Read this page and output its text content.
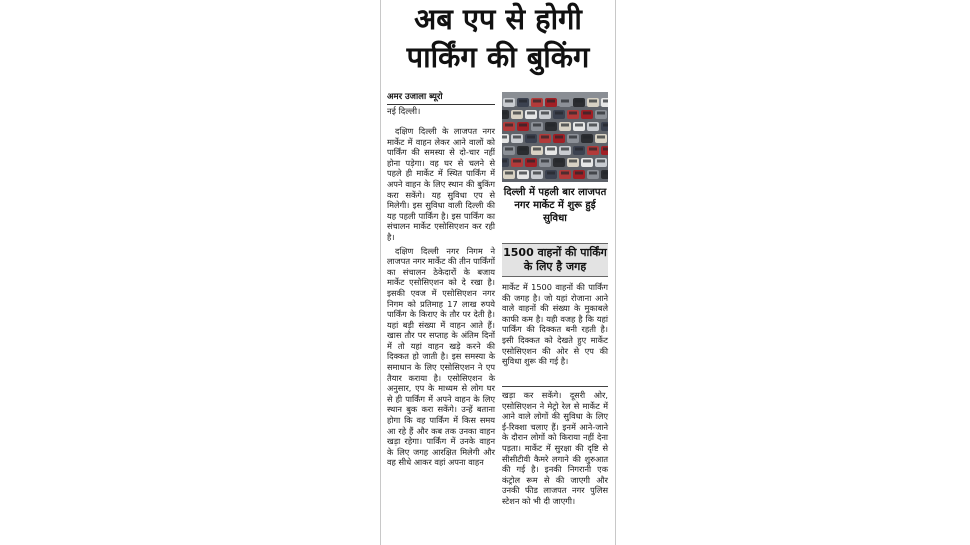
अब एप से होगी
पार्किंग की बुकिंग
अमर उजाला ब्यूरो
नई दिल्ली।

दक्षिण दिल्ली के लाजपत नगर मार्केट में वाहन लेकर आने वालों को पार्किंग की समस्या से दो-चार नहीं होना पड़ेगा। वह घर से चलने से पहले ही मार्केट में स्थित पार्किंग में अपने वाहन के लिए स्थान की बुकिंग करा सकेंगे। यह सुविधा एप से मिलेगी। इस सुविधा वाली दिल्ली की यह पहली पार्किंग है। इस पार्किंग का संचालन मार्केट एसोसिएशन कर रही है।

दक्षिण दिल्ली नगर निगम ने लाजपत नगर मार्केट की तीन पार्किंगों का संचालन ठेकेदारों के बजाय मार्केट एसोसिएशन को दे रखा है। इसकी एवज में एसोसिएशन नगर निगम को प्रतिमाह 17 लाख रुपये पार्किंग के किराए के तौर पर देती है। यहां बड़ी संख्या में वाहन आते हैं। खास तौर पर सप्ताह के अंतिम दिनों में तो यहां वाहन खड़े करने की दिक्कत हो जाती है। इस समस्या के समाधान के लिए एसोसिएशन ने एप तैयार कराया है। एसोसिएशन के अनुसार, एप के माध्यम से लोग घर से ही पार्किंग में अपने वाहन के लिए स्थान बुक करा सकेंगे। उन्हें बताना होगा कि वह पार्किंग में किस समय आ रहे हैं और कब तक उनका वाहन खड़ा रहेगा। पार्किंग में उनके वाहन के लिए जगह आरक्षित मिलेगी और वह सीधे आकर वहां अपना वाहन

दिल्ली में पहली बार लाजपत नगर मार्केट में शुरू हुई सुविधा
1500 वाहनों की पार्किंग के लिए है जगह
मार्केट में 1500 वाहनों की पार्किंग की जगह है। जो यहां रोजाना आने वाले वाहनों की संख्या के मुकाबले काफी कम है। यही वजह है कि यहां पार्किंग की दिक्कत बनी रहती है। इसी दिक्कत को देखते हुए मार्केट एसोसिएशन की ओर से एप की सुविधा शुरू की गई है।
खड़ा कर सकेंगे। दूसरी ओर, एसोसिएशन ने मेट्रो रेल से मार्केट में आने वाले लोगों की सुविधा के लिए ई-रिक्शा चलाए हैं। इनमें आने-जाने के दौरान लोगों को किराया नहीं देना पड़ता। मार्केट में सुरक्षा की दृष्टि से सीसीटीवी कैमरे लगाने की शुरुआत की गई है। इनकी निगरानी एक कंट्रोल रूम से की जाएगी और उनकी फीड लाजपत नगर पुलिस स्टेशन को भी दी जाएगी।
